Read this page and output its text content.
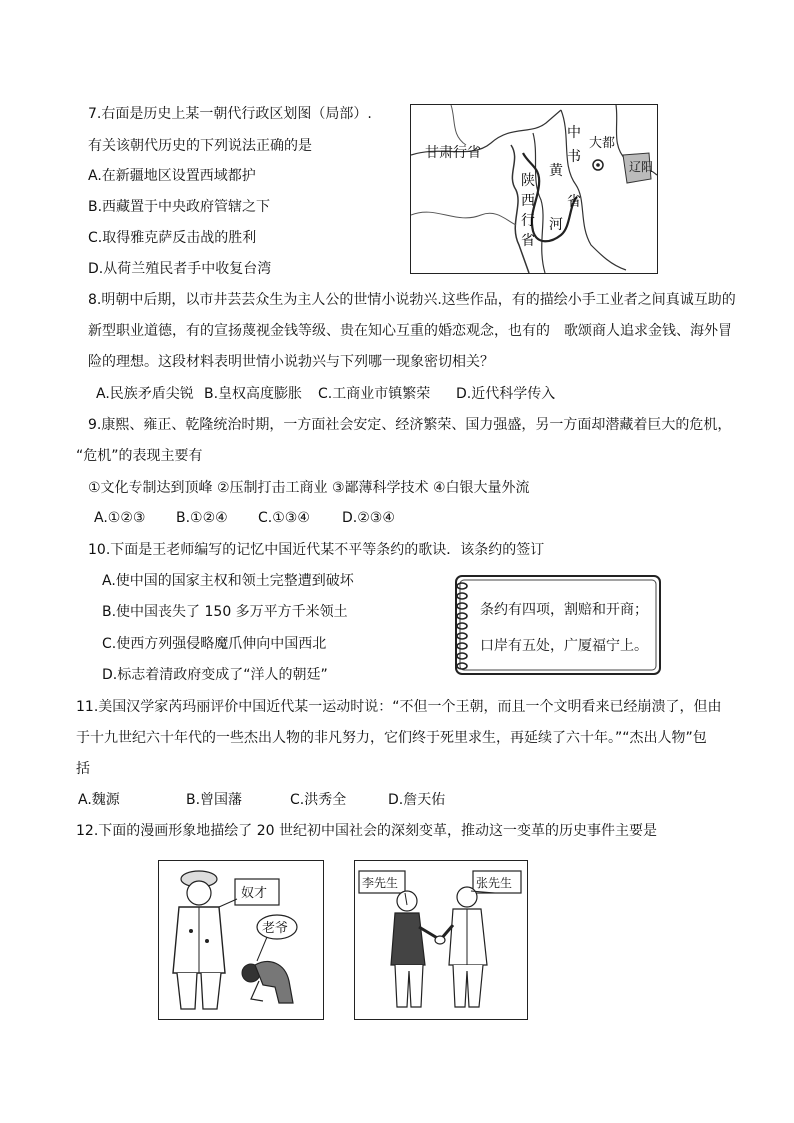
7.右面是历史上某一朝代行政区划图（局部）.
有关该朝代历史的下列说法正确的是
A.在新疆地区设置西域都护
B.西藏置于中央政府管辖之下
C.取得雅克萨反击战的胜利
D.从荷兰殖民者手中收复台湾
甘肃行省
大都
辽阳
中
书
省
陕
西
行
省
黄
河
8.明朝中后期，以市井芸芸众生为主人公的世情小说勃兴.这些作品，有的描绘小手工业者之间真诚互助的
新型职业道德，有的宣扬蔑视金钱等级、贵在知心互重的婚恋观念，也有的　歌颂商人追求金钱、海外冒
险的理想。这段材料表明世情小说勃兴与下列哪一现象密切相关？
A.民族矛盾尖锐 B.皇权高度膨胀 C.工商业市镇繁荣 D.近代科学传入
9.康熙、雍正、乾隆统治时期，一方面社会安定、经济繁荣、国力强盛，另一方面却潜藏着巨大的危机，
“危机”的表现主要有
①文化专制达到顶峰 ②压制打击工商业 ③鄙薄科学技术 ④白银大量外流
A.①②③ B.①②④ C.①③④ D.②③④
10.下面是王老师编写的记忆中国近代某不平等条约的歌诀．该条约的签订
A.使中国的国家主权和领土完整遭到破坏
B.使中国丧失了 150 多万平方千米领土
C.使西方列强侵略魔爪伸向中国西北
D.标志着清政府变成了“洋人的朝廷”
条约有四项，割赔和开商；
口岸有五处，广厦福宁上。
11.美国汉学家芮玛丽评价中国近代某一运动时说：“不但一个王朝，而且一个文明看来已经崩溃了，但由
于十九世纪六十年代的一些杰出人物的非凡努力，它们终于死里求生，再延续了六十年。”“杰出人物”包
括
A.魏源	B.曾国藩	C.洪秀全	D.詹天佑
12.下面的漫画形象地描绘了 20 世纪初中国社会的深刻变革，推动这一变革的历史事件主要是
奴才
老爷
李先生	张先生
